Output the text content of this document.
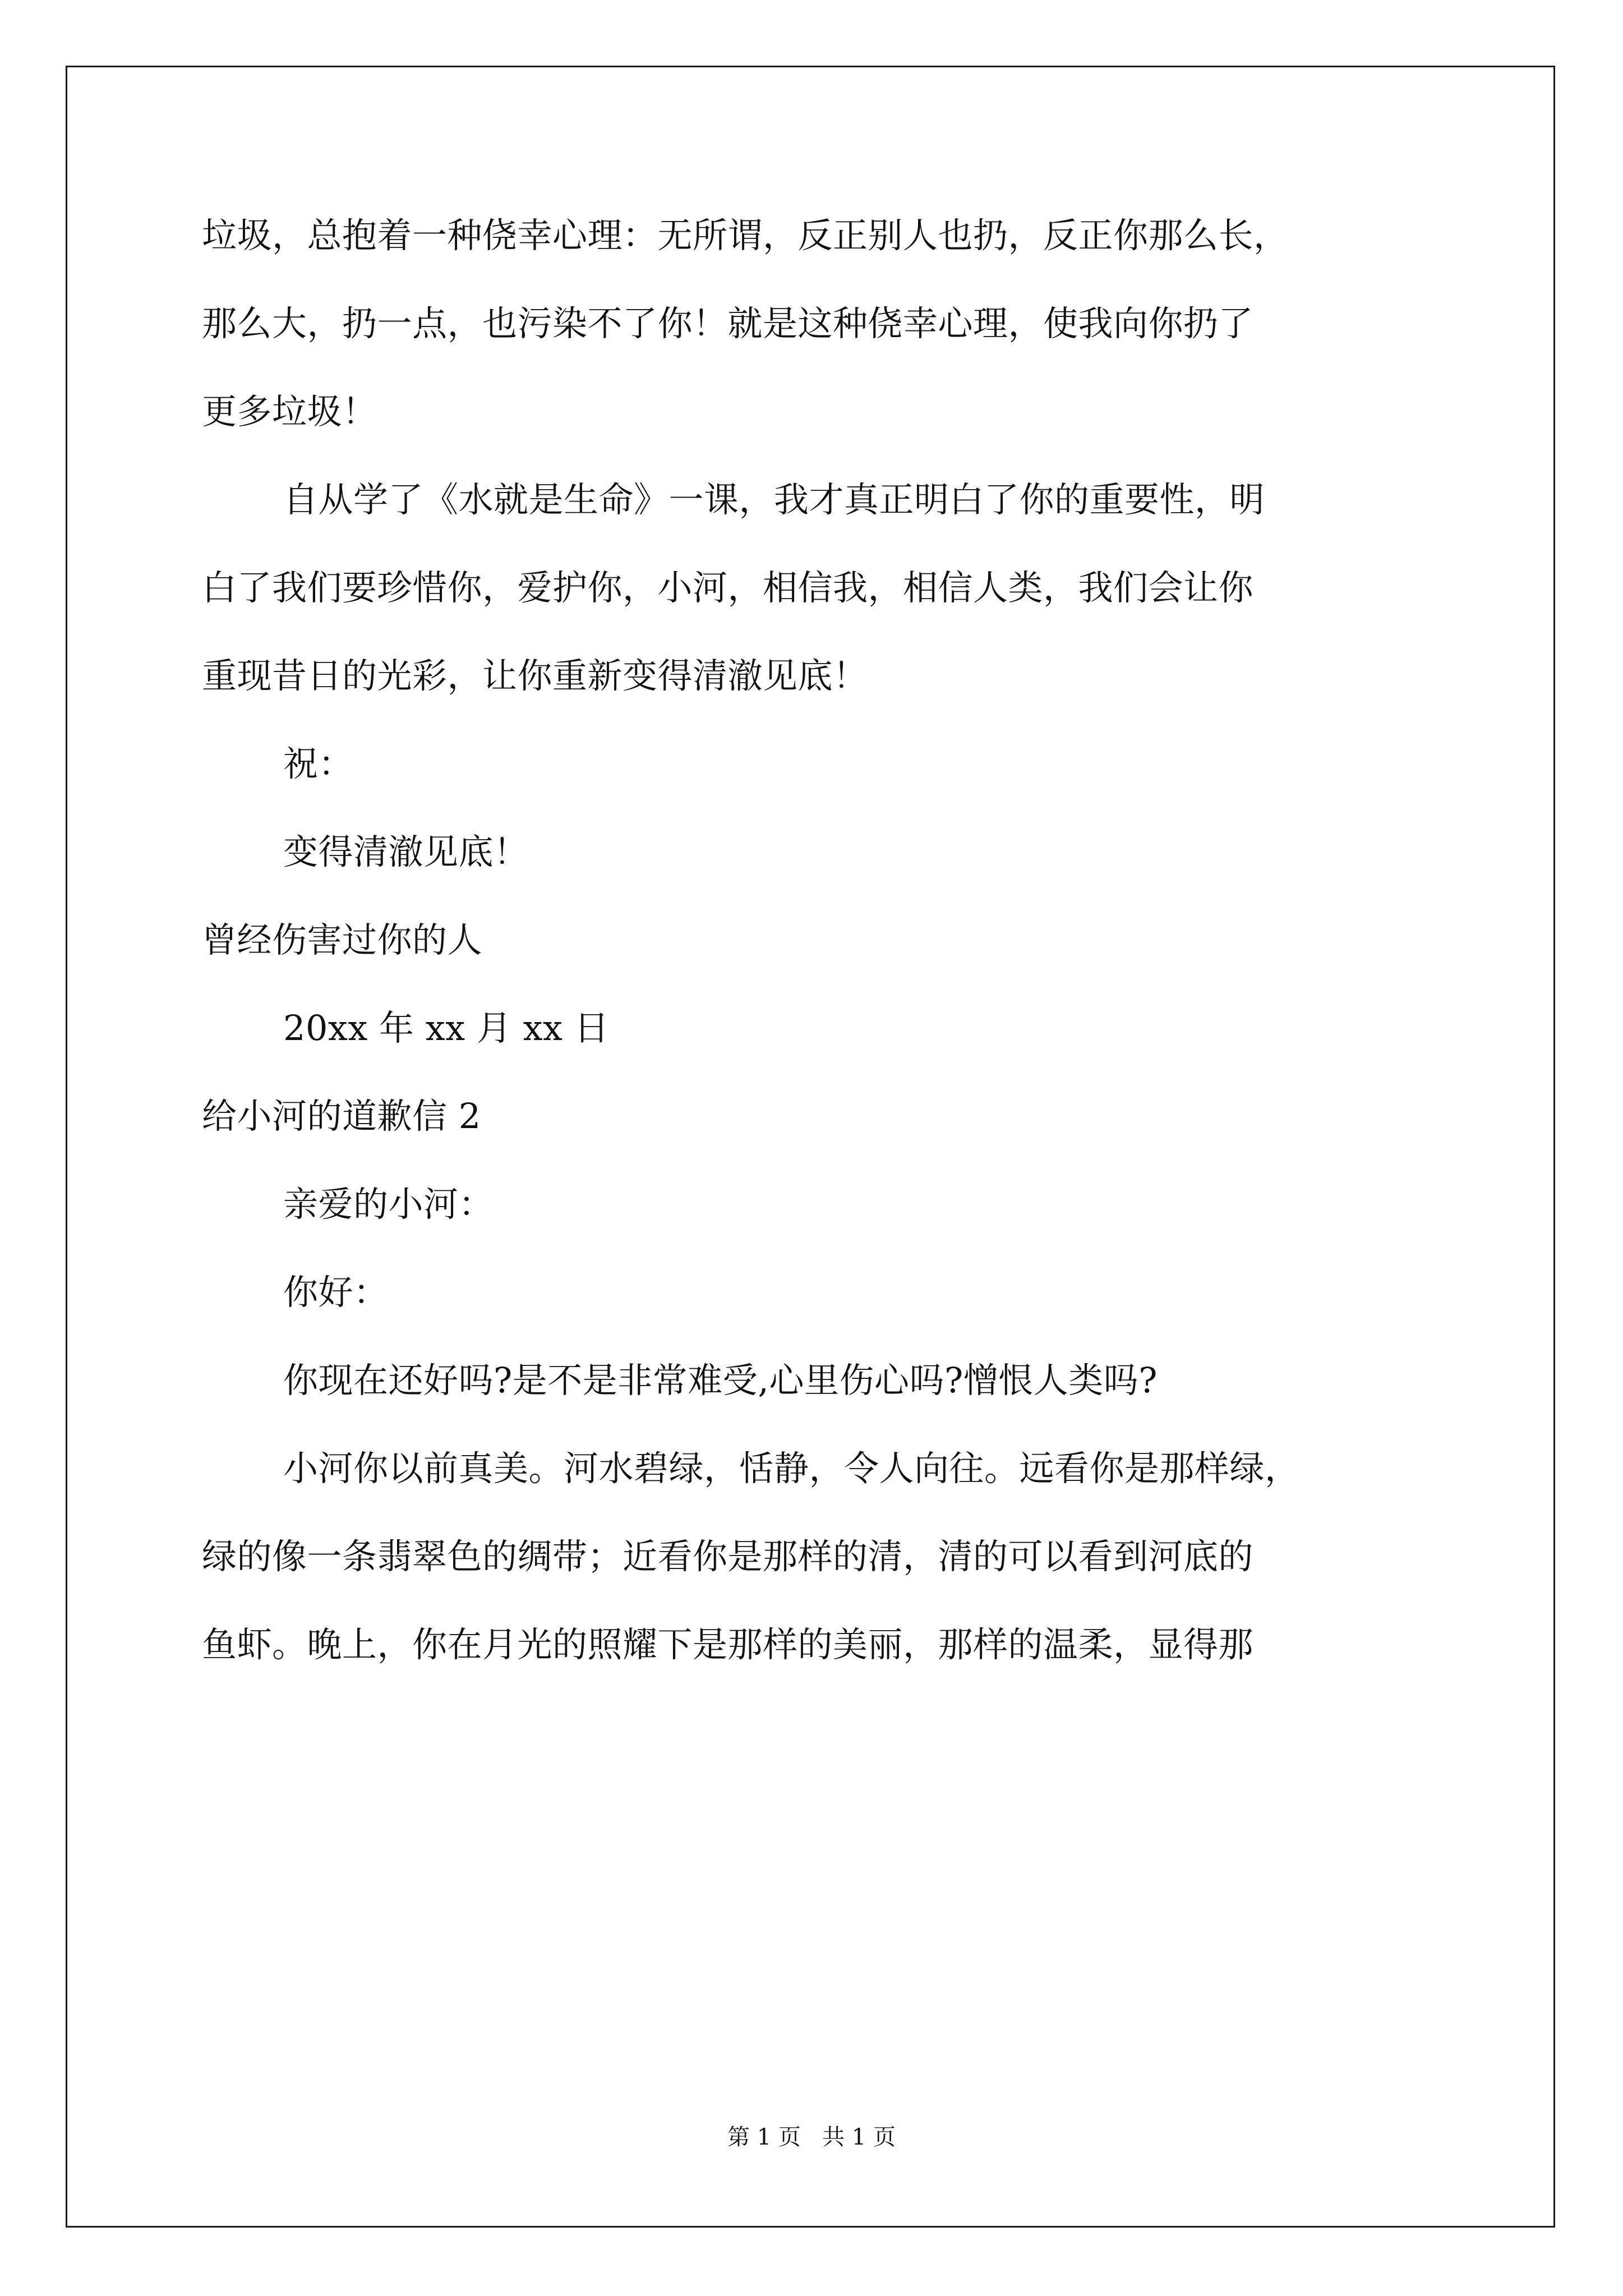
垃圾，总抱着一种侥幸心理：无所谓，反正别人也扔，反正你那么长，

那么大，扔一点，也污染不了你！就是这种侥幸心理，使我向你扔了

更多垃圾！

自从学了《水就是生命》一课，我才真正明白了你的重要性，明

白了我们要珍惜你，爱护你，小河，相信我，相信人类，我们会让你

重现昔日的光彩，让你重新变得清澈见底！

祝：

变得清澈见底！

曾经伤害过你的人

20xx 年 xx 月 xx 日

给小河的道歉信 2

亲爱的小河：

你好：

你现在还好吗?是不是非常难受,心里伤心吗?憎恨人类吗?

小河你以前真美。河水碧绿，恬静，令人向往。远看你是那样绿，

绿的像一条翡翠色的绸带；近看你是那样的清，清的可以看到河底的

鱼虾。晚上，你在月光的照耀下是那样的美丽，那样的温柔，显得那

第 1 页   共 1 页
